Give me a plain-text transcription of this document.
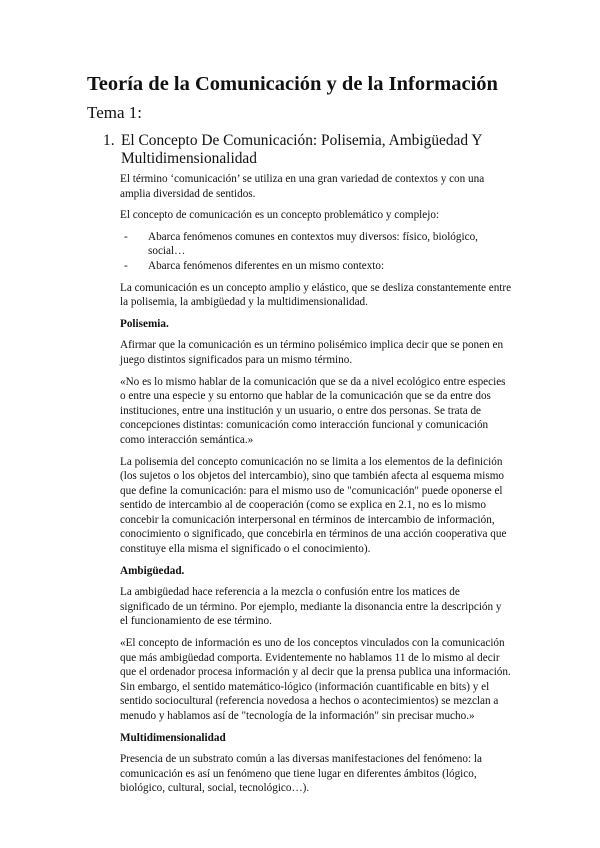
Teoría de la Comunicación y de la Información
Tema 1:
1. El Concepto De Comunicación: Polisemia, Ambigüedad Y Multidimensionalidad

El término ‘comunicación’ se utiliza en una gran variedad de contextos y con una amplia diversidad de sentidos.

El concepto de comunicación es un concepto problemático y complejo:

- Abarca fenómenos comunes en contextos muy diversos: físico, biológico, social…
- Abarca fenómenos diferentes en un mismo contexto:

La comunicación es un concepto amplio y elástico, que se desliza constantemente entre la polisemia, la ambigüedad y la multidimensionalidad.

Polisemia.

Afirmar que la comunicación es un término polisémico implica decir que se ponen en juego distintos significados para un mismo término.

«No es lo mismo hablar de la comunicación que se da a nivel ecológico entre especies o entre una especie y su entorno que hablar de la comunicación que se da entre dos instituciones, entre una institución y un usuario, o entre dos personas. Se trata de concepciones distintas: comunicación como interacción funcional y comunicación como interacción semántica.»

La polisemia del concepto comunicación no se limita a los elementos de la definición (los sujetos o los objetos del intercambio), sino que también afecta al esquema mismo que define la comunicación: para el mismo uso de "comunicación" puede oponerse el sentido de intercambio al de cooperación (como se explica en 2.1, no es lo mismo concebir la comunicación interpersonal en términos de intercambio de información, conocimiento o significado, que concebirla en términos de una acción cooperativa que constituye ella misma el significado o el conocimiento).

Ambigüedad.

La ambigüedad hace referencia a la mezcla o confusión entre los matices de significado de un término. Por ejemplo, mediante la disonancia entre la descripción y el funcionamiento de ese término.

«El concepto de información es uno de los conceptos vinculados con la comunicación que más ambigüedad comporta. Evidentemente no hablamos 11 de lo mismo al decir que el ordenador procesa información y al decir que la prensa publica una información. Sin embargo, el sentido matemático-lógico (información cuantificable en bits) y el sentido sociocultural (referencia novedosa a hechos o acontecimientos) se mezclan a menudo y hablamos así de "tecnología de la información" sin precisar mucho.»

Multidimensionalidad

Presencia de un substrato común a las diversas manifestaciones del fenómeno: la comunicación es así un fenómeno que tiene lugar en diferentes ámbitos (lógico, biológico, cultural, social, tecnológico…).
